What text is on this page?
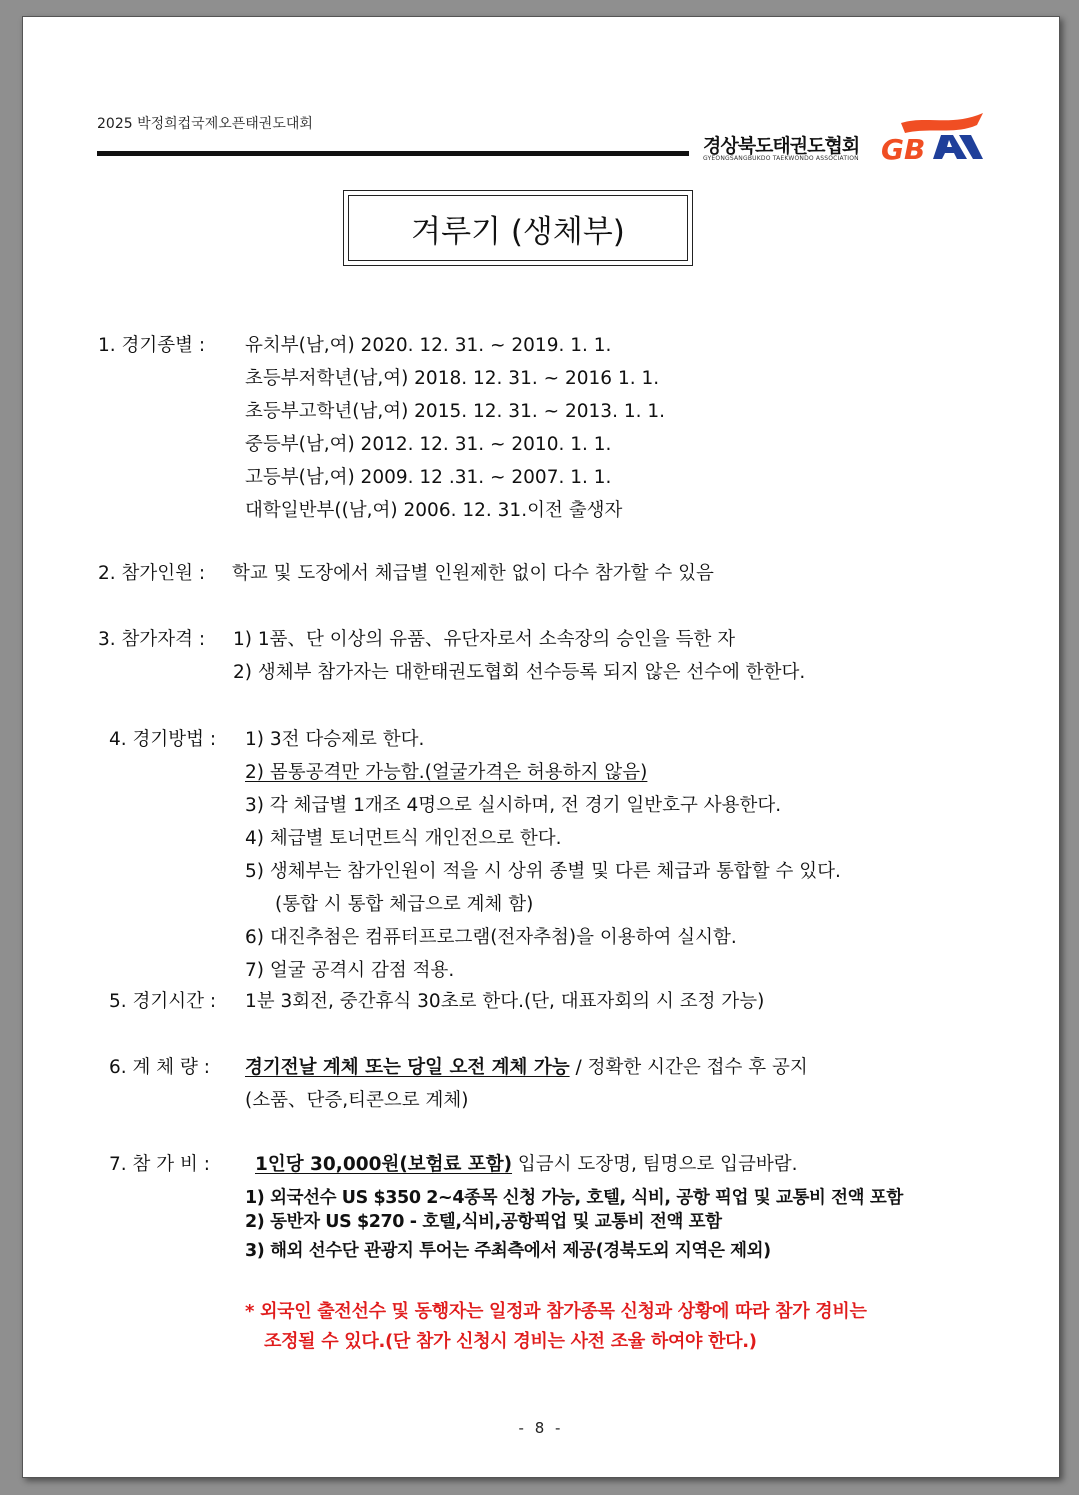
2025 박정희컵국제오픈태권도대회
경상북도태권도협회
GYEONGSANGBUKDO TAEKWONDO ASSOCIATION GB
겨루기 (생체부)
1. 경기종별 : 유치부(남,여) 2020. 12. 31. ~ 2019. 1. 1.
초등부저학년(남,여) 2018. 12. 31. ~ 2016 1. 1.
초등부고학년(남,여) 2015. 12. 31. ~ 2013. 1. 1.
중등부(남,여) 2012. 12. 31. ~ 2010. 1. 1.
고등부(남,여) 2009. 12 .31. ~ 2007. 1. 1.
대학일반부((남,여) 2006. 12. 31.이전 출생자
2. 참가인원 : 학교 및 도장에서 체급별 인원제한 없이 다수 참가할 수 있음
3. 참가자격 : 1) 1품、단 이상의 유품、유단자로서 소속장의 승인을 득한 자
2) 생체부 참가자는 대한태권도협회 선수등록 되지 않은 선수에 한한다.
4. 경기방법 : 1) 3전 다승제로 한다.
2) 몸통공격만 가능함.(얼굴가격은 허용하지 않음)
3) 각 체급별 1개조 4명으로 실시하며, 전 경기 일반호구 사용한다.
4) 체급별 토너먼트식 개인전으로 한다.
5) 생체부는 참가인원이 적을 시 상위 종별 및 다른 체급과 통합할 수 있다.
(통합 시 통합 체급으로 계체 함)
6) 대진추첨은 컴퓨터프로그램(전자추첨)을 이용하여 실시함.
7) 얼굴 공격시 감점 적용.
5. 경기시간 : 1분 3회전, 중간휴식 30초로 한다.(단, 대표자회의 시 조정 가능)
6. 계 체 량 : 경기전날 계체 또는 당일 오전 계체 가능 / 정확한 시간은 접수 후 공지
(소품、단증,티콘으로 계체)
7. 참 가 비 : 1인당 30,000원(보험료 포함) 입금시 도장명, 팀명으로 입금바람.
1) 외국선수 US $350 2~4종목 신청 가능, 호텔, 식비, 공항 픽업 및 교통비 전액 포함
2) 동반자 US $270 - 호텔,식비,공항픽업 및 교통비 전액 포함
3) 해외 선수단 관광지 투어는 주최측에서 제공(경북도외 지역은 제외)
* 외국인 출전선수 및 동행자는 일정과 참가종목 신청과 상황에 따라 참가 경비는
조정될 수 있다.(단 참가 신청시 경비는 사전 조율 하여야 한다.)
- 8 -
